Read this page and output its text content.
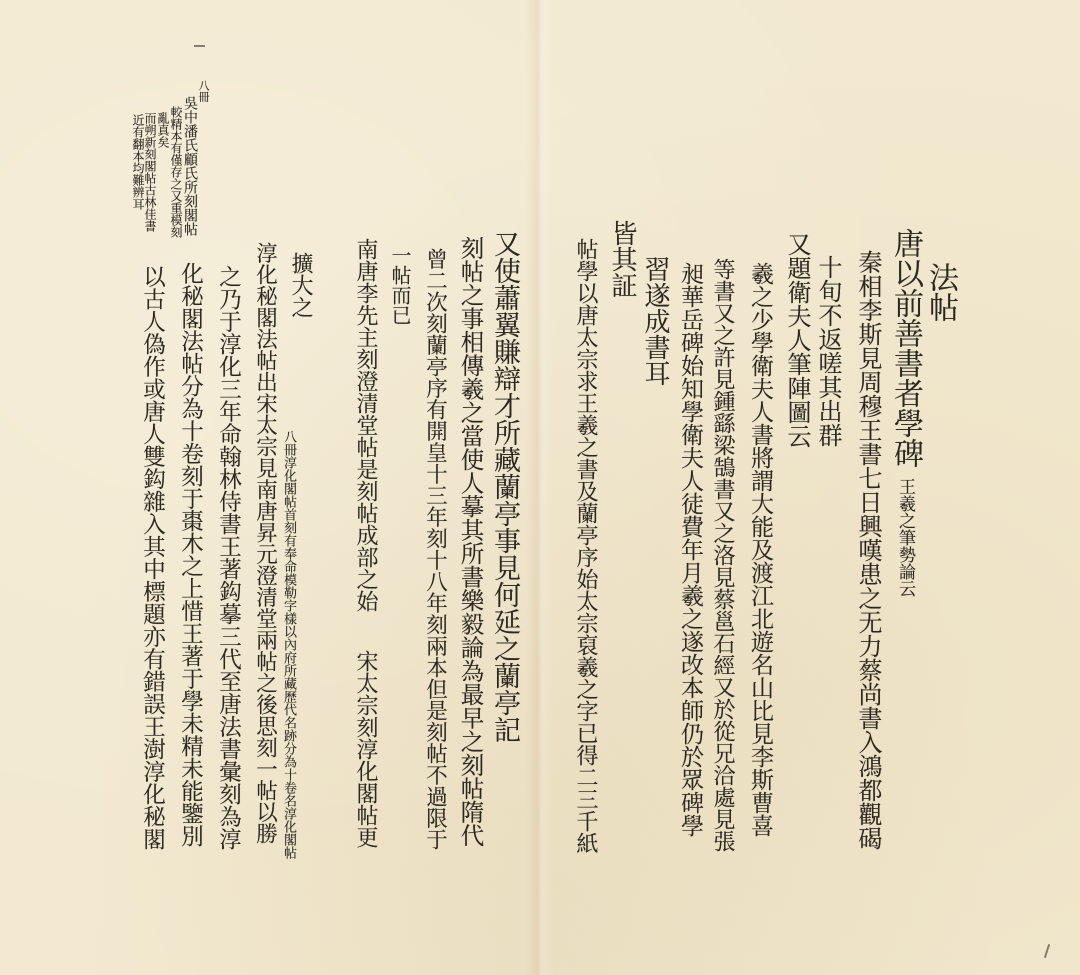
法帖
唐以前善書者學碑
王羲之筆勢論云
秦相李斯見周穆王書七日興嘆患之无力蔡尚書入鴻都觀碣
十旬不返嗟其出群
又題衛夫人筆陣圖云
羲之少學衛夫人書將謂大能及渡江北遊名山比見李斯曹喜
等書又之許見鍾繇梁鵠書又之洛見蔡邕石經又於從兄洽處見張
昶華岳碑始知學衛夫人徒費年月羲之遂改本師仍於眾碑學
習遂成書耳
皆其証
帖學以唐太宗求王羲之書及蘭亭序始太宗裒羲之字已得二三千紙
又使蕭翼賺辯才所藏蘭亭事見何延之蘭亭記
刻帖之事相傳羲之當使人摹其所書樂毅論為最早之刻帖隋代
曾二次刻蘭亭序有開皇十三年刻十八年刻兩本但是刻帖不過限于
一帖而已
南唐李先主刻澄清堂帖是刻帖成部之始
宋太宗刻淳化閣帖更
擴大之
八冊淳化閣帖首刻有奉命模勒字樣以內府所藏歷代名跡分為十卷名淳化閣帖
淳化秘閣法帖出宋太宗見南唐昇元澄清堂兩帖之後思刻一帖以勝
之乃于淳化三年命翰林侍書王著鈎摹三代至唐法書彙刻為淳
化秘閣法帖分為十卷刻于棗木之上惜王著于學未精未能鑒別
以古人偽作或唐人雙鈎雜入其中標題亦有錯誤王澍淳化秘閣
八冊
吳中潘氏顧氏所刻閣帖
較精本有僅存之又重模刻
亂真矣
而朔新刻閣帖古林佳書
近有翻本均難辨耳
